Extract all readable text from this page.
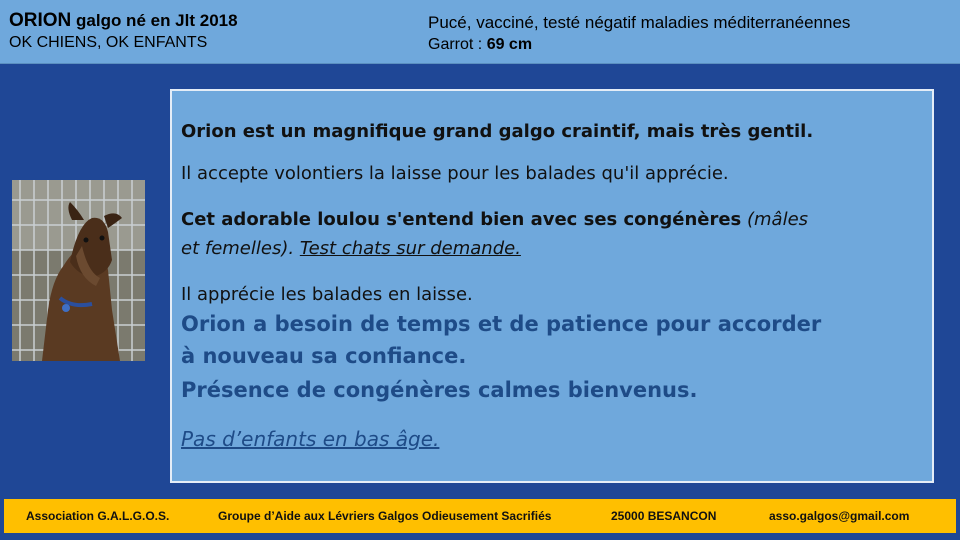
ORION galgo né en Jlt 2018
OK CHIENS, OK ENFANTS
Pucé, vacciné, testé négatif maladies méditerranéennes
Garrot : 69 cm
Orion est un magnifique grand galgo craintif, mais très gentil.
Il accepte volontiers la laisse pour les balades qu'il apprécie.
Cet adorable loulou s'entend bien avec ses congénères (mâles
et femelles). Test chats sur demande.
Il apprécie les balades en laisse.
Orion a besoin de temps et de patience pour accorder
à nouveau sa confiance.
Présence de congénères calmes bienvenus.
Pas d’enfants en bas âge.
Association G.A.L.G.O.S.	Groupe d’Aide aux Lévriers Galgos Odieusement Sacrifiés	25000 BESANCON	asso.galgos@gmail.com
